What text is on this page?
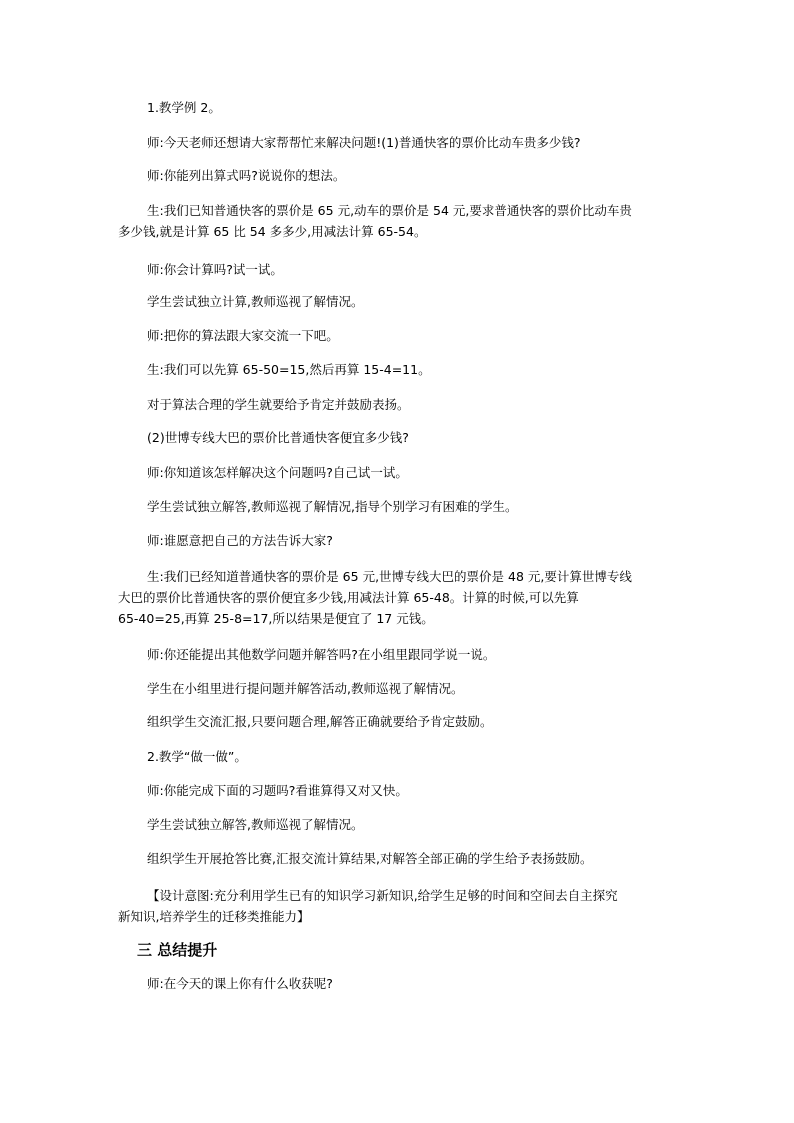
1.教学例 2。
师:今天老师还想请大家帮帮忙来解决问题!(1)普通快客的票价比动车贵多少钱?
师:你能列出算式吗?说说你的想法。
生:我们已知普通快客的票价是 65 元,动车的票价是 54 元,要求普通快客的票价比动车贵
多少钱,就是计算 65 比 54 多多少,用减法计算 65-54。
师:你会计算吗?试一试。
学生尝试独立计算,教师巡视了解情况。
师:把你的算法跟大家交流一下吧。
生:我们可以先算 65-50=15,然后再算 15-4=11。
对于算法合理的学生就要给予肯定并鼓励表扬。
(2)世博专线大巴的票价比普通快客便宜多少钱?
师:你知道该怎样解决这个问题吗?自己试一试。
学生尝试独立解答,教师巡视了解情况,指导个别学习有困难的学生。
师:谁愿意把自己的方法告诉大家?
生:我们已经知道普通快客的票价是 65 元,世博专线大巴的票价是 48 元,要计算世博专线
大巴的票价比普通快客的票价便宜多少钱,用减法计算 65-48。计算的时候,可以先算
65-40=25,再算 25-8=17,所以结果是便宜了 17 元钱。
师:你还能提出其他数学问题并解答吗?在小组里跟同学说一说。
学生在小组里进行提问题并解答活动,教师巡视了解情况。
组织学生交流汇报,只要问题合理,解答正确就要给予肯定鼓励。
2.教学“做一做”。
师:你能完成下面的习题吗?看谁算得又对又快。
学生尝试独立解答,教师巡视了解情况。
组织学生开展抢答比赛,汇报交流计算结果,对解答全部正确的学生给予表扬鼓励。
【设计意图:充分利用学生已有的知识学习新知识,给学生足够的时间和空间去自主探究
新知识,培养学生的迁移类推能力】
三 总结提升
师:在今天的课上你有什么收获呢?
